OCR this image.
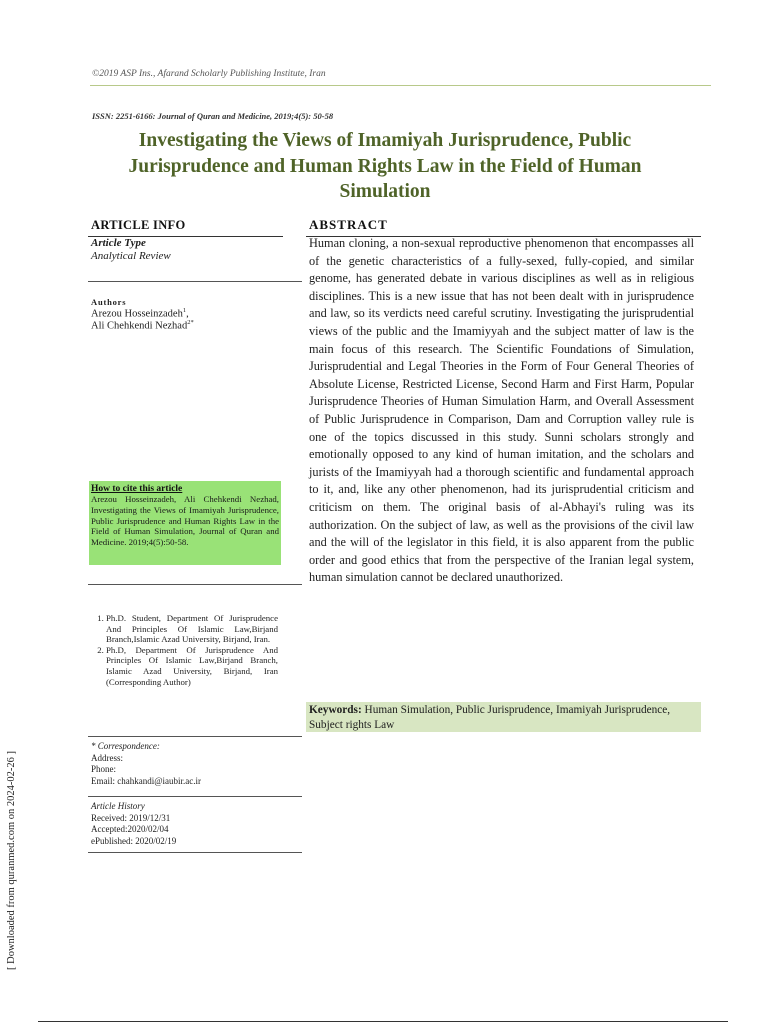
©2019 ASP Ins., Afarand Scholarly Publishing Institute, Iran
ISSN: 2251-6166: Journal of Quran and Medicine, 2019;4(5): 50-58
Investigating the Views of Imamiyah Jurisprudence, Public Jurisprudence and Human Rights Law in the Field of Human Simulation
ARTICLE INFO	ABSTRACT
Article Type
Analytical Review
Authors
Arezou Hosseinzadeh$^1$,
Ali Chehkendi Nezhad$^{2*}$
How to cite this article
Arezou Hosseinzadeh, Ali Chehkendi Nezhad, Investigating the Views of Imamiyah Jurisprudence, Public Jurisprudence and Human Rights Law in the Field of Human Simulation, Journal of Quran and Medicine. 2019;4(5):50-58.
1. Ph.D. Student, Department Of Jurisprudence And Principles Of Islamic Law,Birjand Branch,Islamic Azad University, Birjand, Iran.
2. Ph.D, Department Of Jurisprudence And Principles Of Islamic Law,Birjand Branch, Islamic Azad University, Birjand, Iran (Corresponding Author)
* Correspondence:
Address:
Phone:
Email: chahkandi@iaubir.ac.ir
Article History
Received: 2019/12/31
Accepted:2020/02/04
ePublished: 2020/02/19
Human cloning, a non-sexual reproductive phenomenon that encompasses all of the genetic characteristics of a fully-sexed, fully-copied, and similar genome, has generated debate in various disciplines as well as in religious disciplines. This is a new issue that has not been dealt with in jurisprudence and law, so its verdicts need careful scrutiny. Investigating the jurisprudential views of the public and the Imamiyyah and the subject matter of law is the main focus of this research. The Scientific Foundations of Simulation, Jurisprudential and Legal Theories in the Form of Four General Theories of Absolute License, Restricted License, Second Harm and First Harm, Popular Jurisprudence Theories of Human Simulation Harm, and Overall Assessment of Public Jurisprudence in Comparison, Dam and Corruption valley rule is one of the topics discussed in this study. Sunni scholars strongly and emotionally opposed to any kind of human imitation, and the scholars and jurists of the Imamiyyah had a thorough scientific and fundamental approach to it, and, like any other phenomenon, had its jurisprudential criticism and criticism on them. The original basis of al-Abhayi's ruling was its authorization. On the subject of law, as well as the provisions of the civil law and the will of the legislator in this field, it is also apparent from the public order and good ethics that from the perspective of the Iranian legal system, human simulation cannot be declared unauthorized.
Keywords: Human Simulation, Public Jurisprudence, Imamiyah Jurisprudence, Subject rights Law
[ Downloaded from quranmed.com on 2024-02-26 ]
